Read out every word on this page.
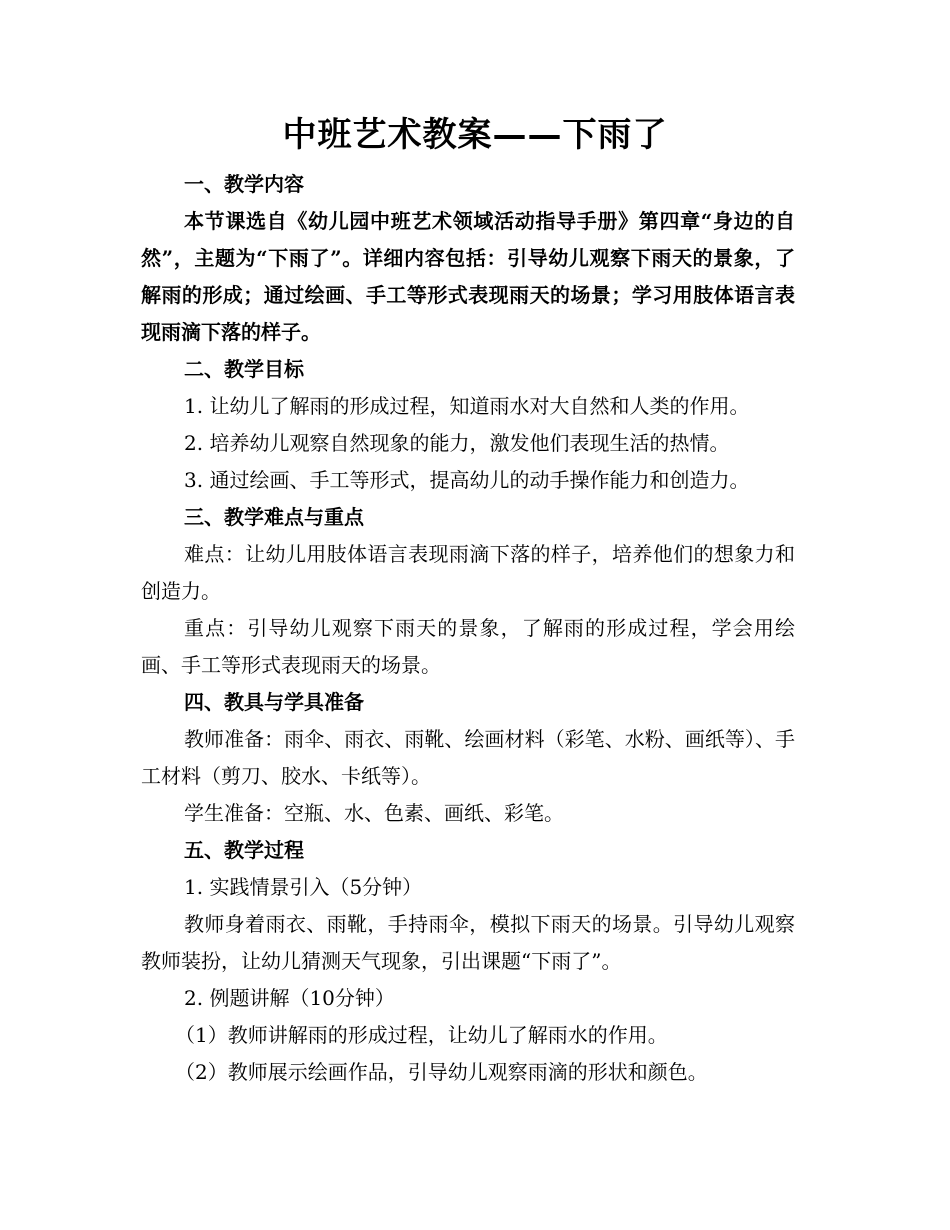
中班艺术教案——下雨了

一、教学内容

本节课选自《幼儿园中班艺术领域活动指导手册》第四章“身边的自然”，主题为“下雨了”。详细内容包括：引导幼儿观察下雨天的景象，了解雨的形成；通过绘画、手工等形式表现雨天的场景；学习用肢体语言表现雨滴下落的样子。

二、教学目标

1. 让幼儿了解雨的形成过程，知道雨水对大自然和人类的作用。

2. 培养幼儿观察自然现象的能力，激发他们表现生活的热情。

3. 通过绘画、手工等形式，提高幼儿的动手操作能力和创造力。

三、教学难点与重点

难点：让幼儿用肢体语言表现雨滴下落的样子，培养他们的想象力和创造力。

重点：引导幼儿观察下雨天的景象，了解雨的形成过程，学会用绘画、手工等形式表现雨天的场景。

四、教具与学具准备

教师准备：雨伞、雨衣、雨靴、绘画材料（彩笔、水粉、画纸等）、手工材料（剪刀、胶水、卡纸等）。

学生准备：空瓶、水、色素、画纸、彩笔。

五、教学过程

1. 实践情景引入（5分钟）

教师身着雨衣、雨靴，手持雨伞，模拟下雨天的场景。引导幼儿观察教师装扮，让幼儿猜测天气现象，引出课题“下雨了”。

2. 例题讲解（10分钟）

（1）教师讲解雨的形成过程，让幼儿了解雨水的作用。

（2）教师展示绘画作品，引导幼儿观察雨滴的形状和颜色。
